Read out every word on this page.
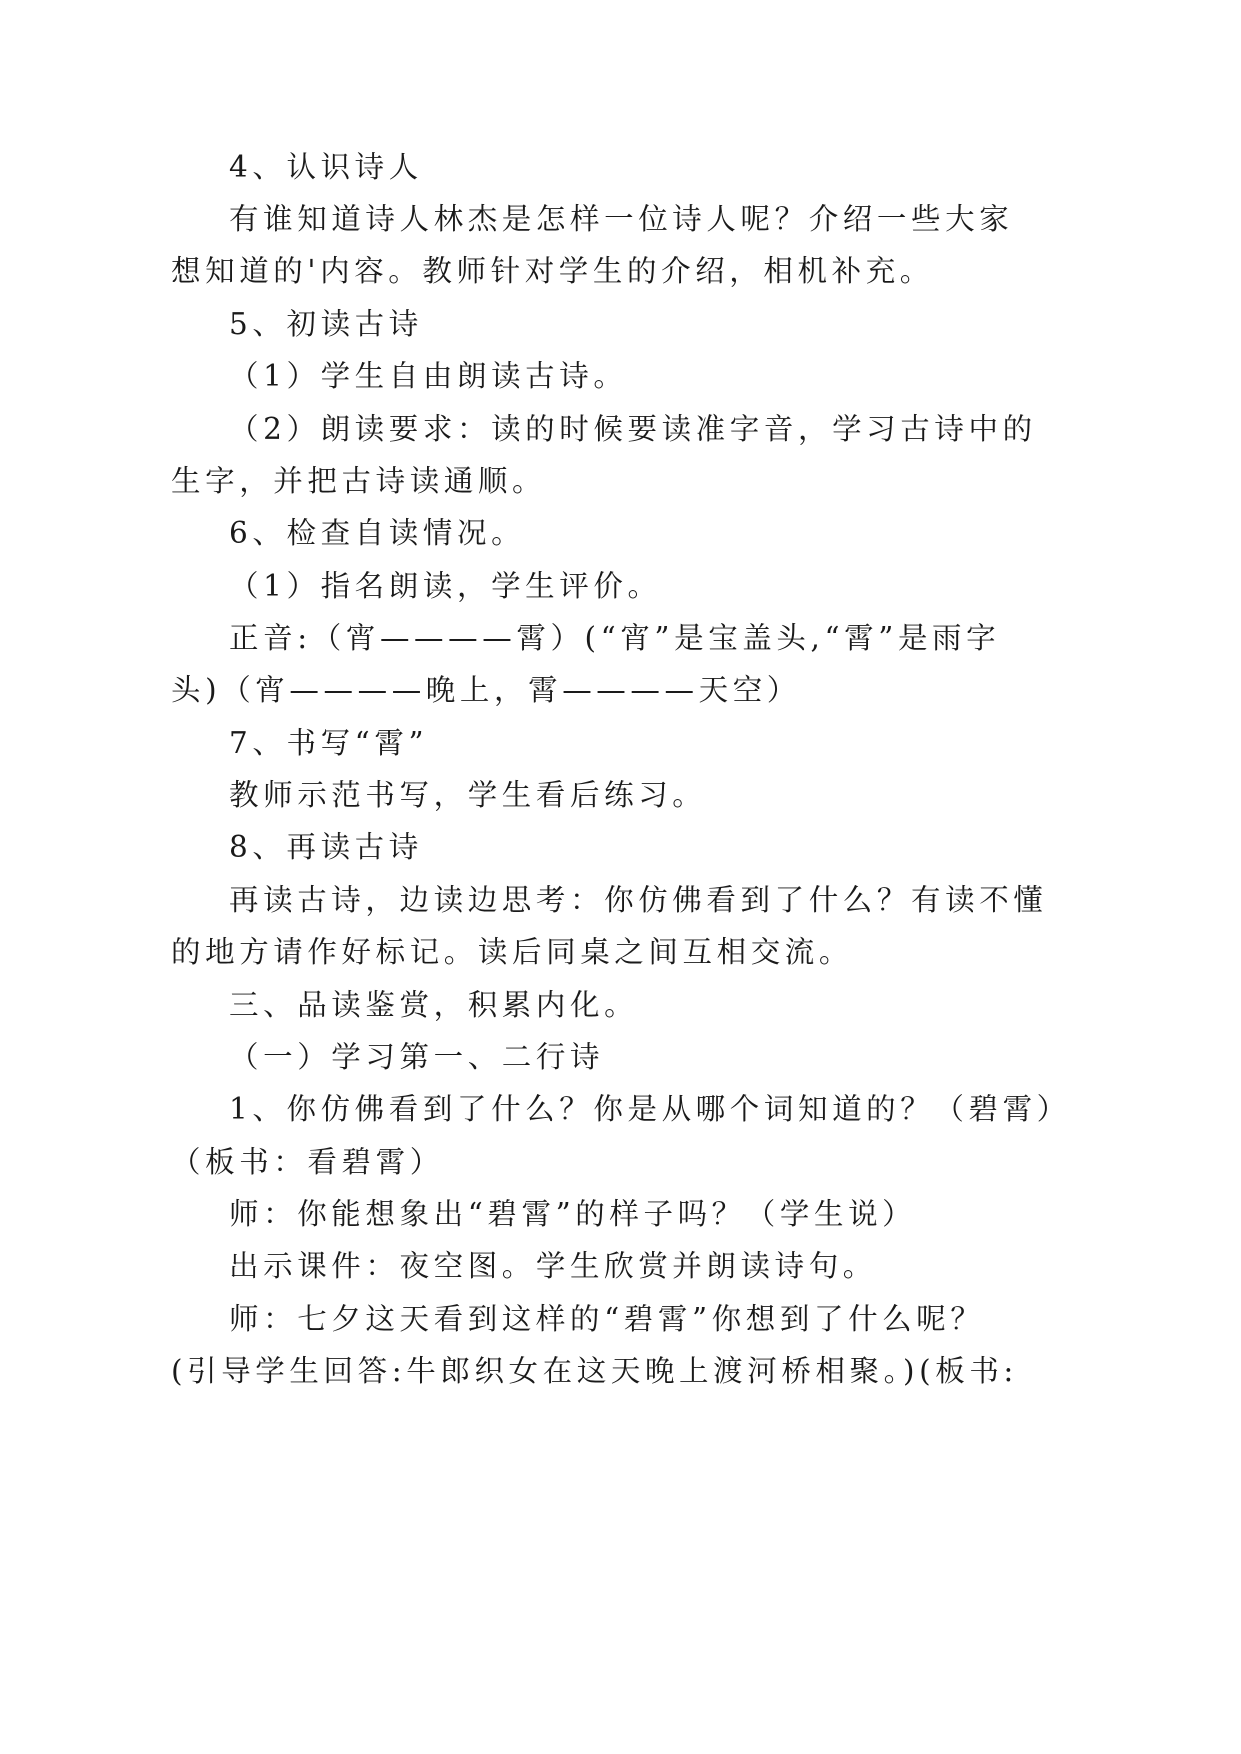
4、认识诗人
有谁知道诗人林杰是怎样一位诗人呢？介绍一些大家
想知道的'内容。教师针对学生的介绍，相机补充。
5、初读古诗
（1）学生自由朗读古诗。
（2）朗读要求：读的时候要读准字音，学习古诗中的
生字，并把古诗读通顺。
6、检查自读情况。
（1）指名朗读，学生评价。
正音:（宵————霄）(“宵”是宝盖头,“霄”是雨字
头)（宵————晚上，霄————天空）
7、书写“霄”
教师示范书写，学生看后练习。
8、再读古诗
再读古诗，边读边思考：你仿佛看到了什么？有读不懂
的地方请作好标记。读后同桌之间互相交流。
三、品读鉴赏，积累内化。
（一）学习第一、二行诗
1、你仿佛看到了什么？你是从哪个词知道的？（碧霄）
（板书：看碧霄）
师：你能想象出“碧霄”的样子吗？（学生说）
出示课件：夜空图。学生欣赏并朗读诗句。
师：七夕这天看到这样的“碧霄”你想到了什么呢？
(引导学生回答:牛郎织女在这天晚上渡河桥相聚。)(板书:
